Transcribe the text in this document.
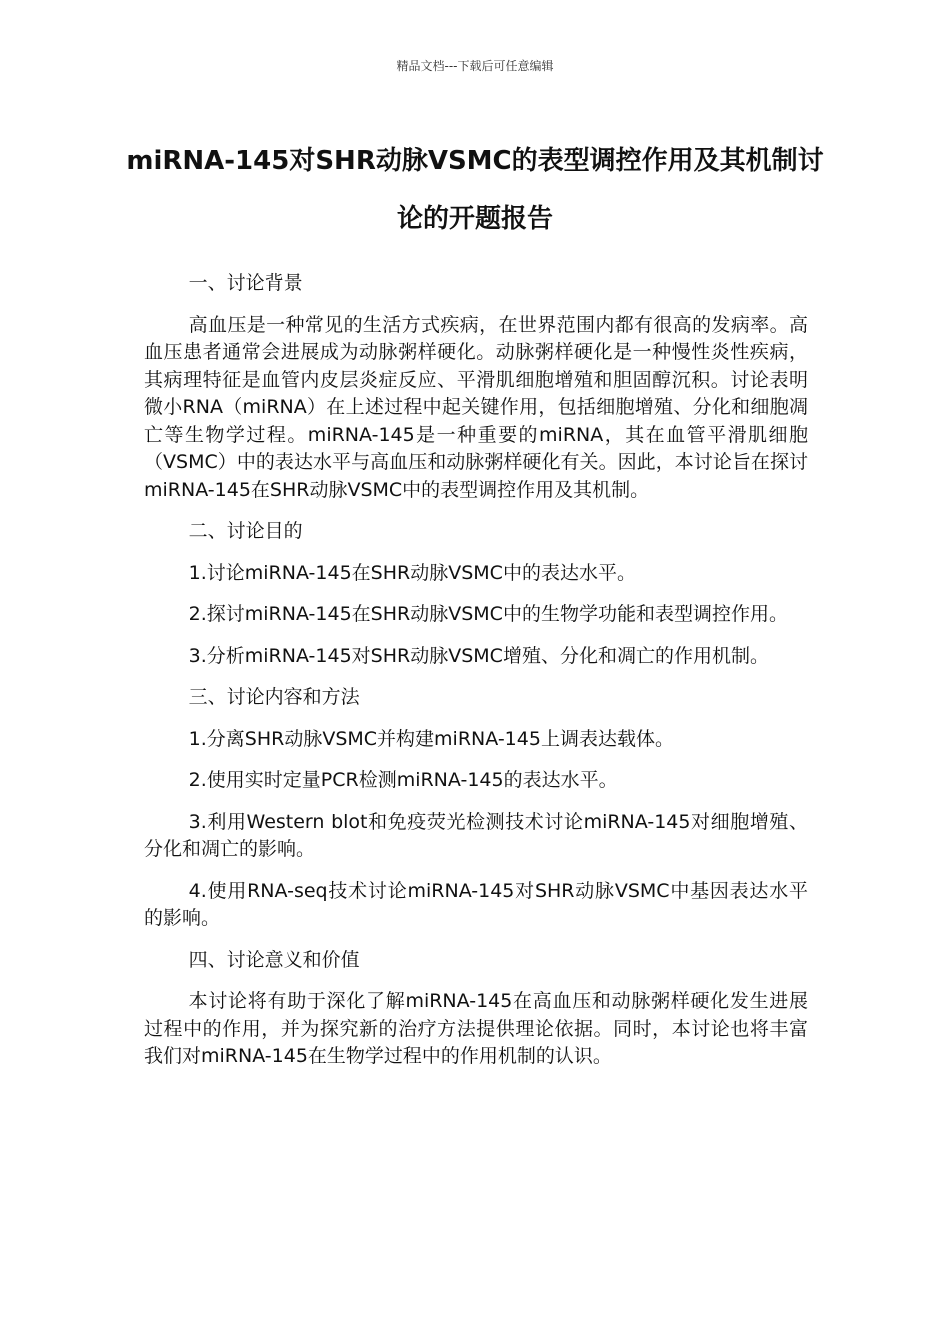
精品文档---下载后可任意编辑
miRNA-145对SHR动脉VSMC的表型调控作用及其机制讨论的开题报告

一、讨论背景

高血压是一种常见的生活方式疾病，在世界范围内都有很高的发病率。高血压患者通常会进展成为动脉粥样硬化。动脉粥样硬化是一种慢性炎性疾病，其病理特征是血管内皮层炎症反应、平滑肌细胞增殖和胆固醇沉积。讨论表明微小RNA（miRNA）在上述过程中起关键作用，包括细胞增殖、分化和细胞凋亡等生物学过程。miRNA-145是一种重要的miRNA，其在血管平滑肌细胞（VSMC）中的表达水平与高血压和动脉粥样硬化有关。因此，本讨论旨在探讨miRNA-145在SHR动脉VSMC中的表型调控作用及其机制。

二、讨论目的

1.讨论miRNA-145在SHR动脉VSMC中的表达水平。

2.探讨miRNA-145在SHR动脉VSMC中的生物学功能和表型调控作用。

3.分析miRNA-145对SHR动脉VSMC增殖、分化和凋亡的作用机制。

三、讨论内容和方法

1.分离SHR动脉VSMC并构建miRNA-145上调表达载体。

2.使用实时定量PCR检测miRNA-145的表达水平。

3.利用Western blot和免疫荧光检测技术讨论miRNA-145对细胞增殖、分化和凋亡的影响。

4.使用RNA-seq技术讨论miRNA-145对SHR动脉VSMC中基因表达水平的影响。

四、讨论意义和价值

本讨论将有助于深化了解miRNA-145在高血压和动脉粥样硬化发生进展过程中的作用，并为探究新的治疗方法提供理论依据。同时，本讨论也将丰富我们对miRNA-145在生物学过程中的作用机制的认识。
